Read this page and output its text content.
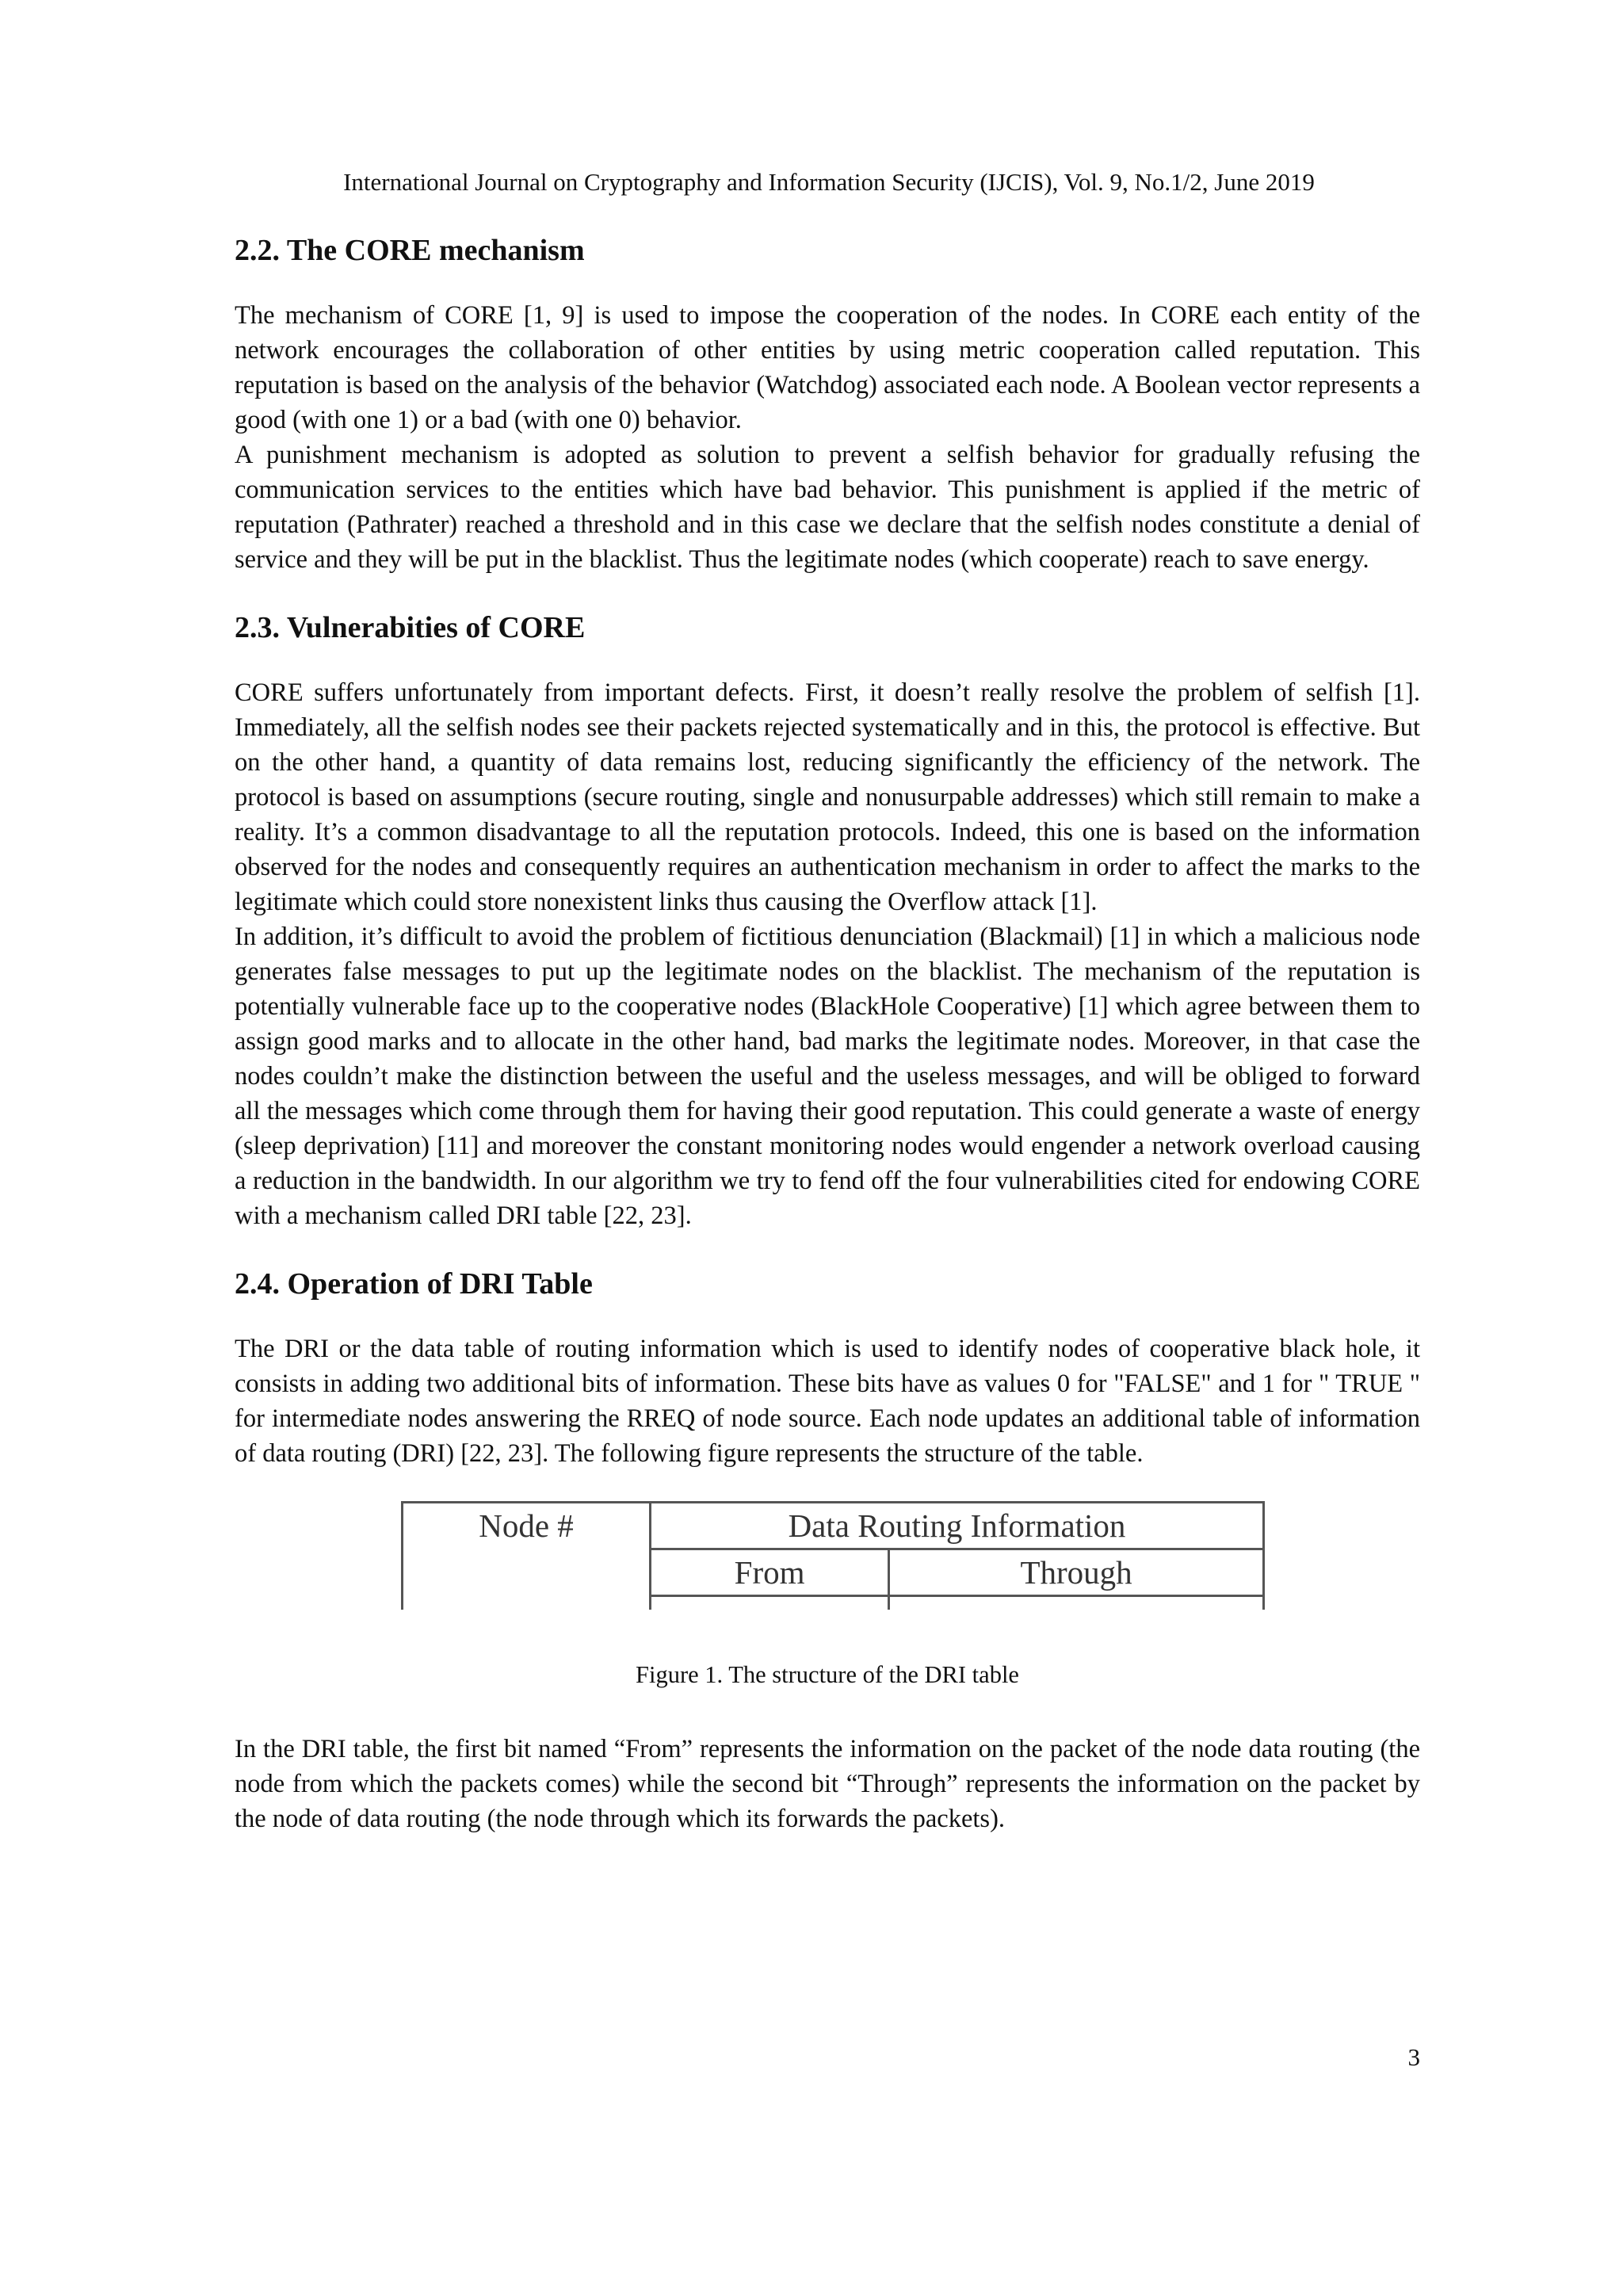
International Journal on Cryptography and Information Security (IJCIS), Vol. 9, No.1/2, June 2019
2.2. The CORE mechanism

The mechanism of CORE [1, 9] is used to impose the cooperation of the nodes. In CORE each entity of the network encourages the collaboration of other entities by using metric cooperation called reputation. This reputation is based on the analysis of the behavior (Watchdog) associated each node. A Boolean vector represents a good (with one 1) or a bad (with one 0) behavior.

A punishment mechanism is adopted as solution to prevent a selfish behavior for gradually refusing the communication services to the entities which have bad behavior. This punishment is applied if the metric of reputation (Pathrater) reached a threshold and in this case we declare that the selfish nodes constitute a denial of service and they will be put in the blacklist. Thus the legitimate nodes (which cooperate) reach to save energy.

2.3. Vulnerabities of CORE

CORE suffers unfortunately from important defects. First, it doesn’t really resolve the problem of selfish [1]. Immediately, all the selfish nodes see their packets rejected systematically and in this, the protocol is effective. But on the other hand, a quantity of data remains lost, reducing significantly the efficiency of the network. The protocol is based on assumptions (secure routing, single and nonusurpable addresses) which still remain to make a reality. It’s a common disadvantage to all the reputation protocols. Indeed, this one is based on the information observed for the nodes and consequently requires an authentication mechanism in order to affect the marks to the legitimate which could store nonexistent links thus causing the Overflow attack [1].

In addition, it’s difficult to avoid the problem of fictitious denunciation (Blackmail) [1] in which a malicious node generates false messages to put up the legitimate nodes on the blacklist. The mechanism of the reputation is potentially vulnerable face up to the cooperative nodes (BlackHole Cooperative) [1] which agree between them to assign good marks and to allocate in the other hand, bad marks the legitimate nodes. Moreover, in that case the nodes couldn’t make the distinction between the useful and the useless messages, and will be obliged to forward all the messages which come through them for having their good reputation. This could generate a waste of energy (sleep deprivation) [11] and moreover the constant monitoring nodes would engender a network overload causing a reduction in the bandwidth. In our algorithm we try to fend off the four vulnerabilities cited for endowing CORE with a mechanism called DRI table [22, 23].

2.4. Operation of DRI Table

The DRI or the data table of routing information which is used to identify nodes of cooperative black hole, it consists in adding two additional bits of information. These bits have as values 0 for "FALSE" and 1 for " TRUE " for intermediate nodes answering the RREQ of node source. Each node updates an additional table of information of data routing (DRI) [22, 23]. The following figure represents the structure of the table.

Node #	Data Routing Information	
	From	Through

Figure 1. The structure of the DRI table

In the DRI table, the first bit named “From” represents the information on the packet of the node data routing (the node from which the packets comes) while the second bit “Through” represents the information on the packet by the node of data routing (the node through which its forwards the packets).

3
